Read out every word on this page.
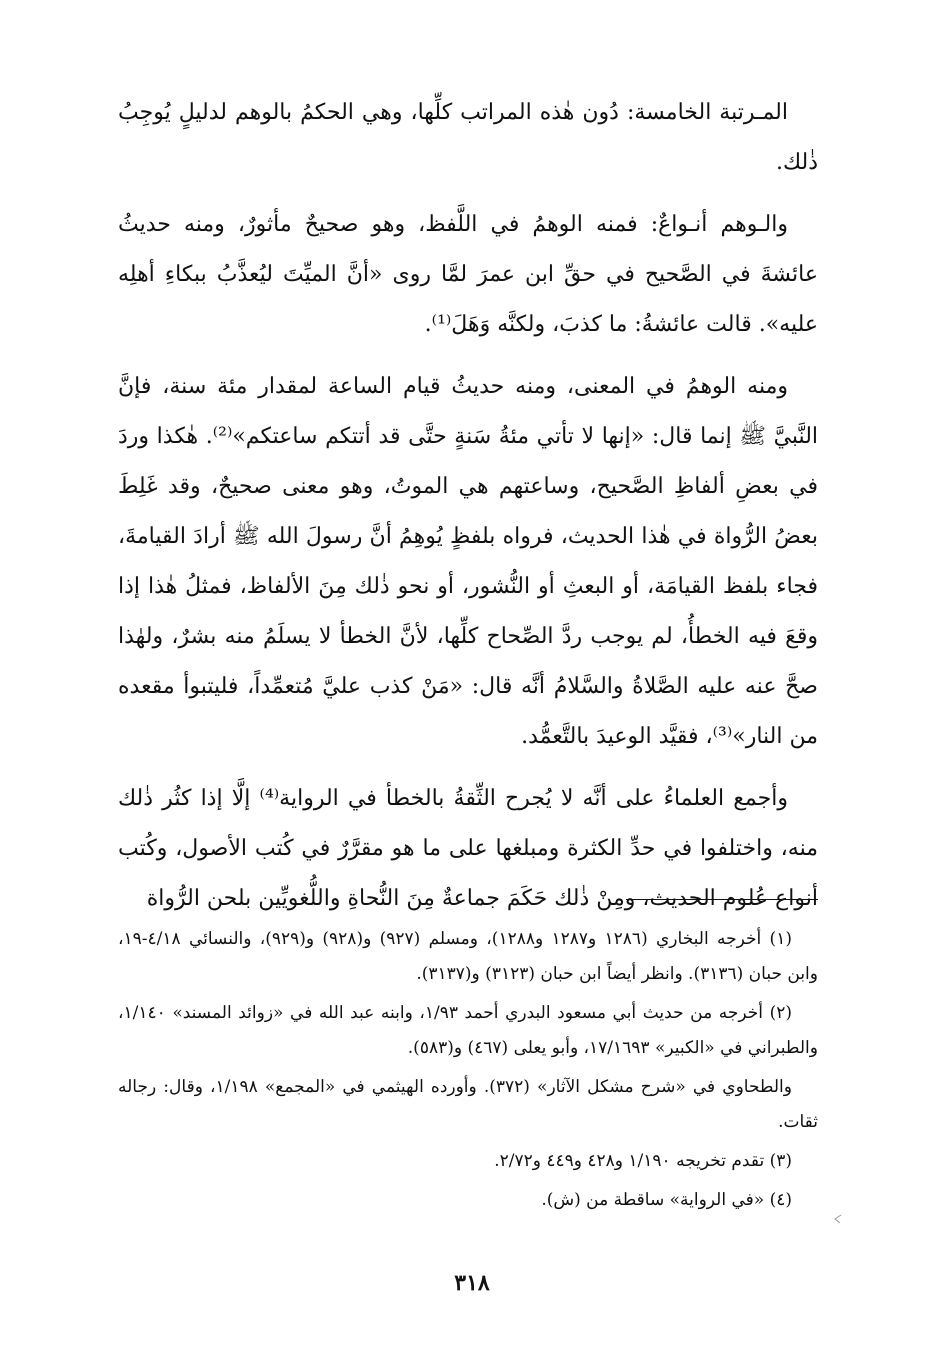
المـرتبة الخامسة: دُون هٰذه المراتب كلِّها، وهي الحكمُ بالوهم لدليلٍ يُوجِبُ ذٰلك.

والـوهم أنـواعٌ: فمنه الوهمُ في اللَّفظ، وهو صحيحٌ مأثورٌ، ومنه حديثُ عائشةَ في الصَّحيح في حقِّ ابن عمرَ لمَّا روى «أنَّ الميِّتَ ليُعذَّبُ ببكاءِ أهلِه عليه». قالت عائشةُ: ما كذبَ، ولكنَّه وَهَلَ⁽¹⁾.

ومنه الوهمُ في المعنى، ومنه حديثُ قيام الساعة لمقدار مئة سنة، فإنَّ النَّبيَّ ﷺ إنما قال: «إنها لا تأتي مئةُ سَنةٍ حتَّى قد أتتكم ساعتكم»⁽²⁾. هٰكذا وردَ في بعضِ ألفاظِ الصَّحيح، وساعتهم هي الموتُ، وهو معنى صحيحٌ، وقد غَلِطَ بعضُ الرُّواة في هٰذا الحديث، فرواه بلفظٍ يُوهِمُ أنَّ رسولَ الله ﷺ أرادَ القيامةَ، فجاء بلفظ القيامَة، أو البعثِ أو النُّشور، أو نحو ذٰلك مِنَ الألفاظ، فمثلُ هٰذا إذا وقعَ فيه الخطأُ، لم يوجب ردَّ الصِّحاح كلِّها، لأنَّ الخطأ لا يسلَمُ منه بشرٌ، ولهٰذا صحَّ عنه عليه الصَّلاةُ والسَّلامُ أنَّه قال: «مَنْ كذب عليَّ مُتعمِّداً، فليتبوأ مقعده من النار»⁽³⁾، فقيَّد الوعيدَ بالتَّعمُّد.

وأجمع العلماءُ على أنَّه لا يُجرح الثِّقةُ بالخطأ في الرواية⁽⁴⁾ إلَّا إذا كثُر ذٰلك منه، واختلفوا في حدِّ الكثرة ومبلغها على ما هو مقرَّرٌ في كُتب الأصول، وكُتب أنواع عُلوم الحديث، ومِنْ ذٰلك حَكَمَ جماعةٌ مِنَ النُّحاةِ واللُّغويِّين بلحن الرُّواة

(١) أخرجه البخاري (١٢٨٦ و١٢٨٧ و١٢٨٨)، ومسلم (٩٢٧) و(٩٢٨) و(٩٢٩)، والنسائي ٤/١٨-١٩، وابن حبان (٣١٣٦). وانظر أيضاً ابن حبان (٣١٢٣) و(٣١٣٧).

(٢) أخرجه من حديث أبي مسعود البدري أحمد ١/٩٣، وابنه عبد الله في «زوائد المسند» ١/١٤٠، والطبراني في «الكبير» ١٧/١٦٩٣، وأبو يعلى (٤٦٧) و(٥٨٣).

والطحاوي في «شرح مشكل الآثار» (٣٧٢). وأورده الهيثمي في «المجمع» ١/١٩٨، وقال: رجاله ثقات.

(٣) تقدم تخريجه ١/١٩٠ و٤٢٨ و٤٤٩ و٢/٧٢.

(٤) «في الرواية» ساقطة من (ش).

٣١٨
